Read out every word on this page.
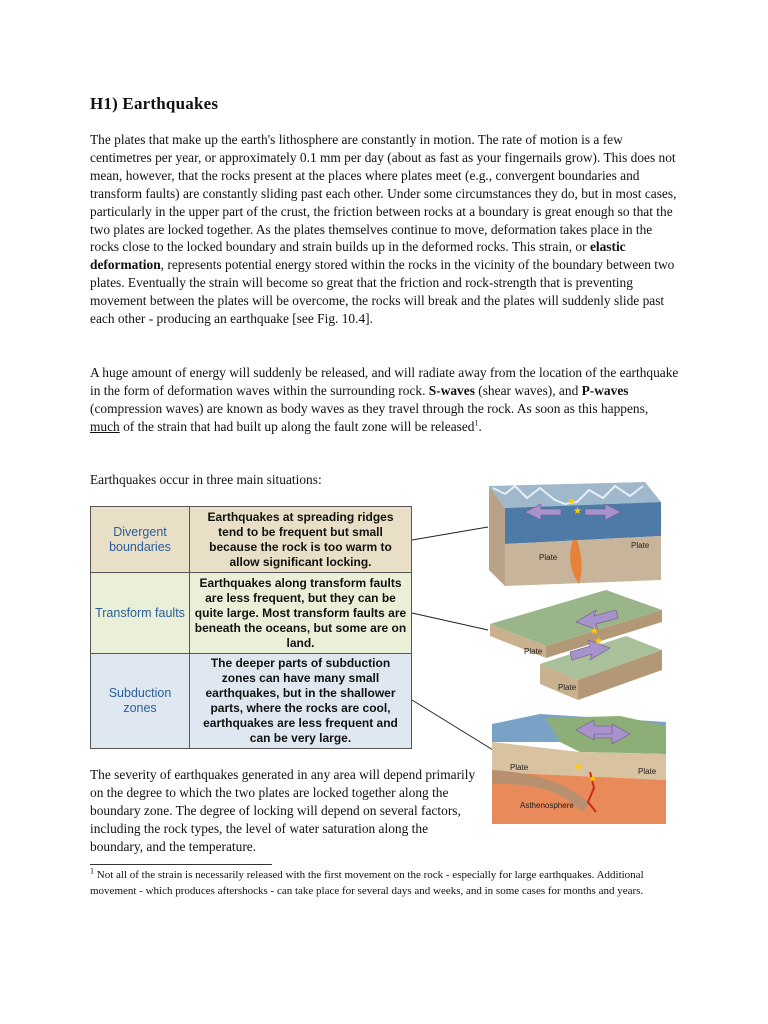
H1) Earthquakes

The plates that make up the earth's lithosphere are constantly in motion. The rate of motion is a few centimetres per year, or approximately 0.1 mm per day (about as fast as your fingernails grow). This does not mean, however, that the rocks present at the places where plates meet (e.g., convergent boundaries and transform faults) are constantly sliding past each other. Under some circumstances they do, but in most cases, particularly in the upper part of the crust, the friction between rocks at a boundary is great enough so that the two plates are locked together. As the plates themselves continue to move, deformation takes place in the rocks close to the locked boundary and strain builds up in the deformed rocks. This strain, or elastic deformation, represents potential energy stored within the rocks in the vicinity of the boundary between two plates. Eventually the strain will become so great that the friction and rock-strength that is preventing movement between the plates will be overcome, the rocks will break and the plates will suddenly slide past each other - producing an earthquake [see Fig. 10.4].

A huge amount of energy will suddenly be released, and will radiate away from the location of the earthquake in the form of deformation waves within the surrounding rock. S-waves (shear waves), and P-waves (compression waves) are known as body waves as they travel through the rock. As soon as this happens, much of the strain that had built up along the fault zone will be released$^1$.

Earthquakes occur in three main situations:

Divergent boundaries	Earthquakes at spreading ridges tend to be frequent but small because the rock is too warm to allow significant locking.
Transform faults	Earthquakes along transform faults are less frequent, but they can be quite large. Most transform faults are beneath the oceans, but some are on land.
Subduction zones	The deeper parts of subduction zones can have many small earthquakes, but in the shallower parts, where the rocks are cool, earthquakes are less frequent and can be very large.
★
★
Plate
Plate
★
★
Plate
Plate
★
★
Plate	Plate
Asthenosphere

The severity of earthquakes generated in any area will depend primarily on the degree to which the two plates are locked together along the boundary zone. The degree of locking will depend on several factors, including the rock types, the level of water saturation along the boundary, and the temperature.

$^1$ Not all of the strain is necessarily released with the first movement on the rock - especially for large earthquakes. Additional movement - which produces aftershocks - can take place for several days and weeks, and in some cases for months and years.
